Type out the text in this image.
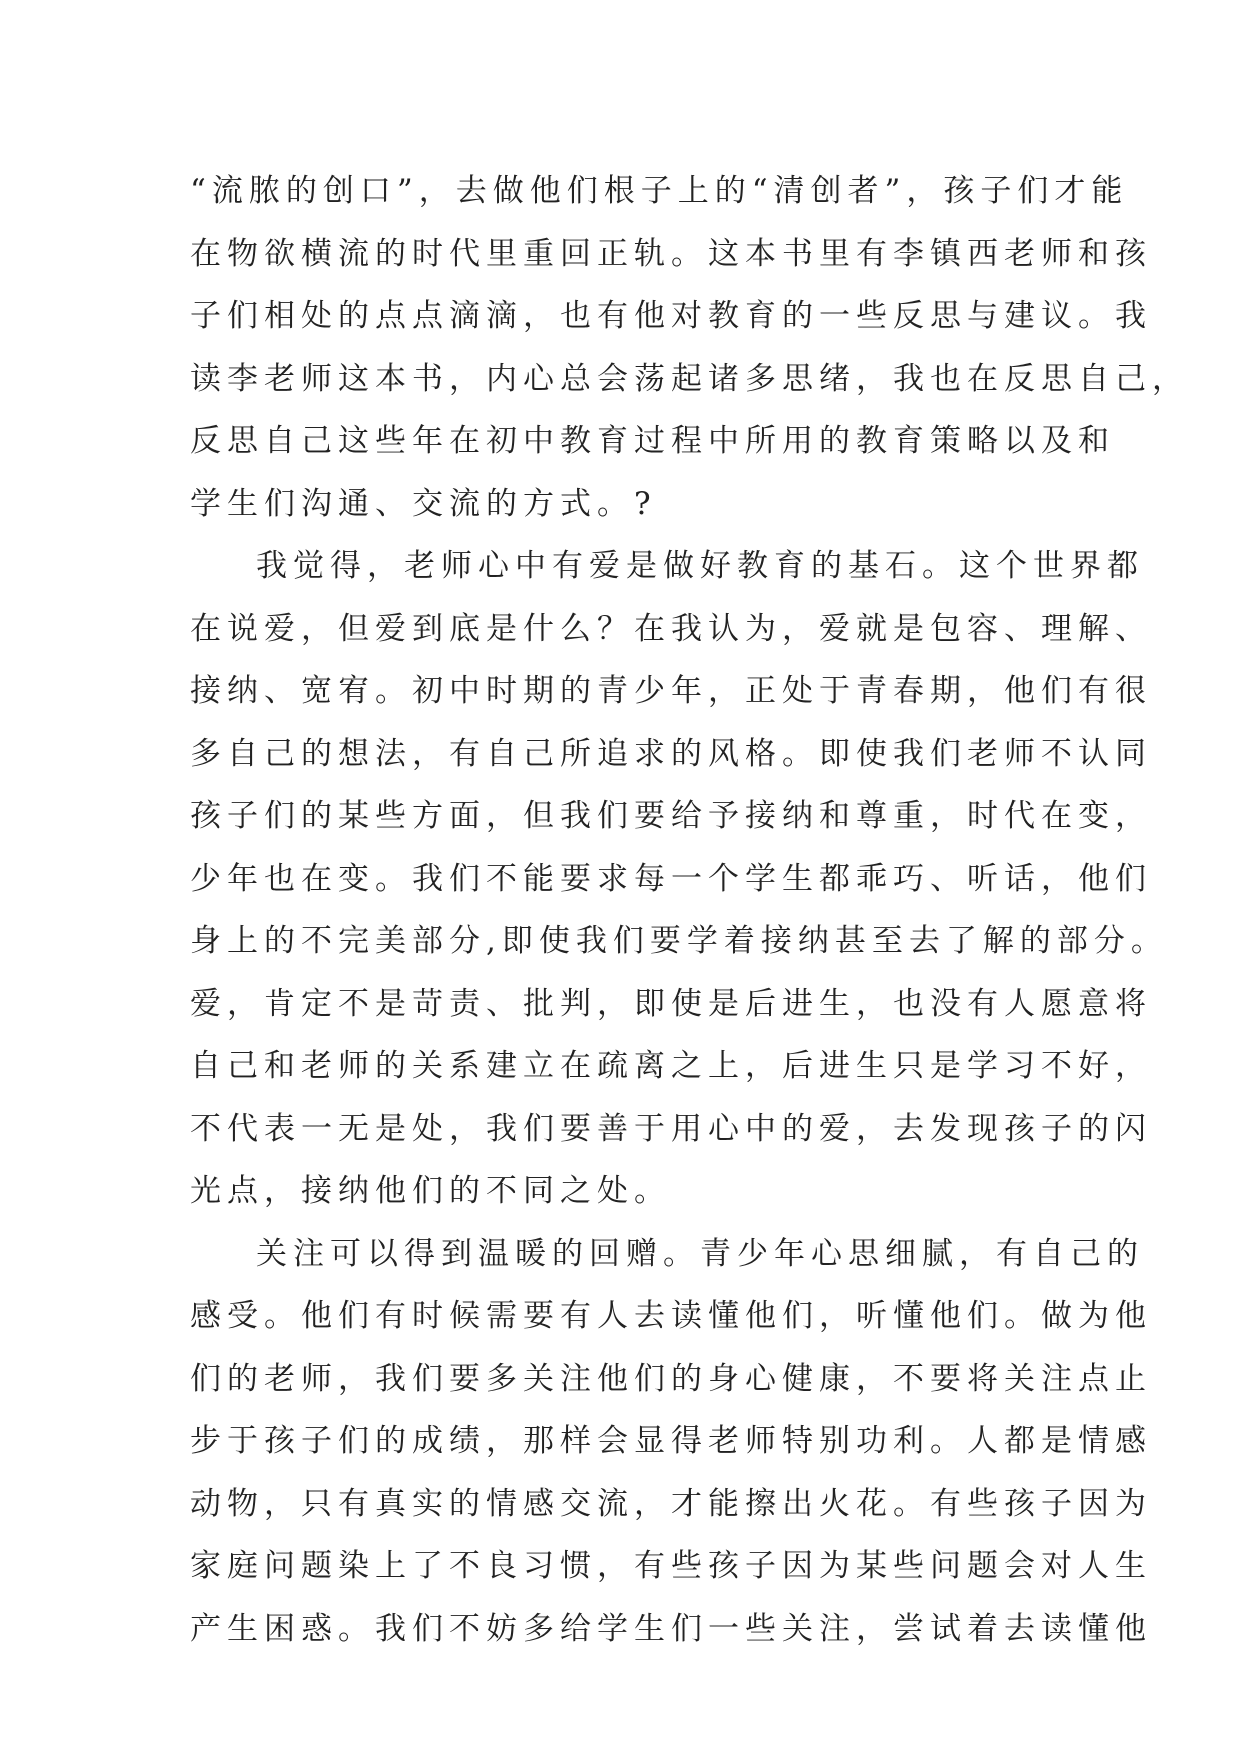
“流脓的创口”，去做他们根子上的“清创者”，孩子们才能
在物欲横流的时代里重回正轨。这本书里有李镇西老师和孩
子们相处的点点滴滴，也有他对教育的一些反思与建议。我
读李老师这本书，内心总会荡起诸多思绪，我也在反思自己，
反思自己这些年在初中教育过程中所用的教育策略以及和
学生们沟通、交流的方式。?
我觉得，老师心中有爱是做好教育的基石。这个世界都
在说爱，但爱到底是什么？在我认为，爱就是包容、理解、
接纳、宽宥。初中时期的青少年，正处于青春期，他们有很
多自己的想法，有自己所追求的风格。即使我们老师不认同
孩子们的某些方面，但我们要给予接纳和尊重，时代在变，
少年也在变。我们不能要求每一个学生都乖巧、听话，他们
身上的不完美部分,即使我们要学着接纳甚至去了解的部分。
爱，肯定不是苛责、批判，即使是后进生，也没有人愿意将
自己和老师的关系建立在疏离之上，后进生只是学习不好，
不代表一无是处，我们要善于用心中的爱，去发现孩子的闪
光点，接纳他们的不同之处。
关注可以得到温暖的回赠。青少年心思细腻，有自己的
感受。他们有时候需要有人去读懂他们，听懂他们。做为他
们的老师，我们要多关注他们的身心健康，不要将关注点止
步于孩子们的成绩，那样会显得老师特别功利。人都是情感
动物，只有真实的情感交流，才能擦出火花。有些孩子因为
家庭问题染上了不良习惯，有些孩子因为某些问题会对人生
产生困惑。我们不妨多给学生们一些关注，尝试着去读懂他
